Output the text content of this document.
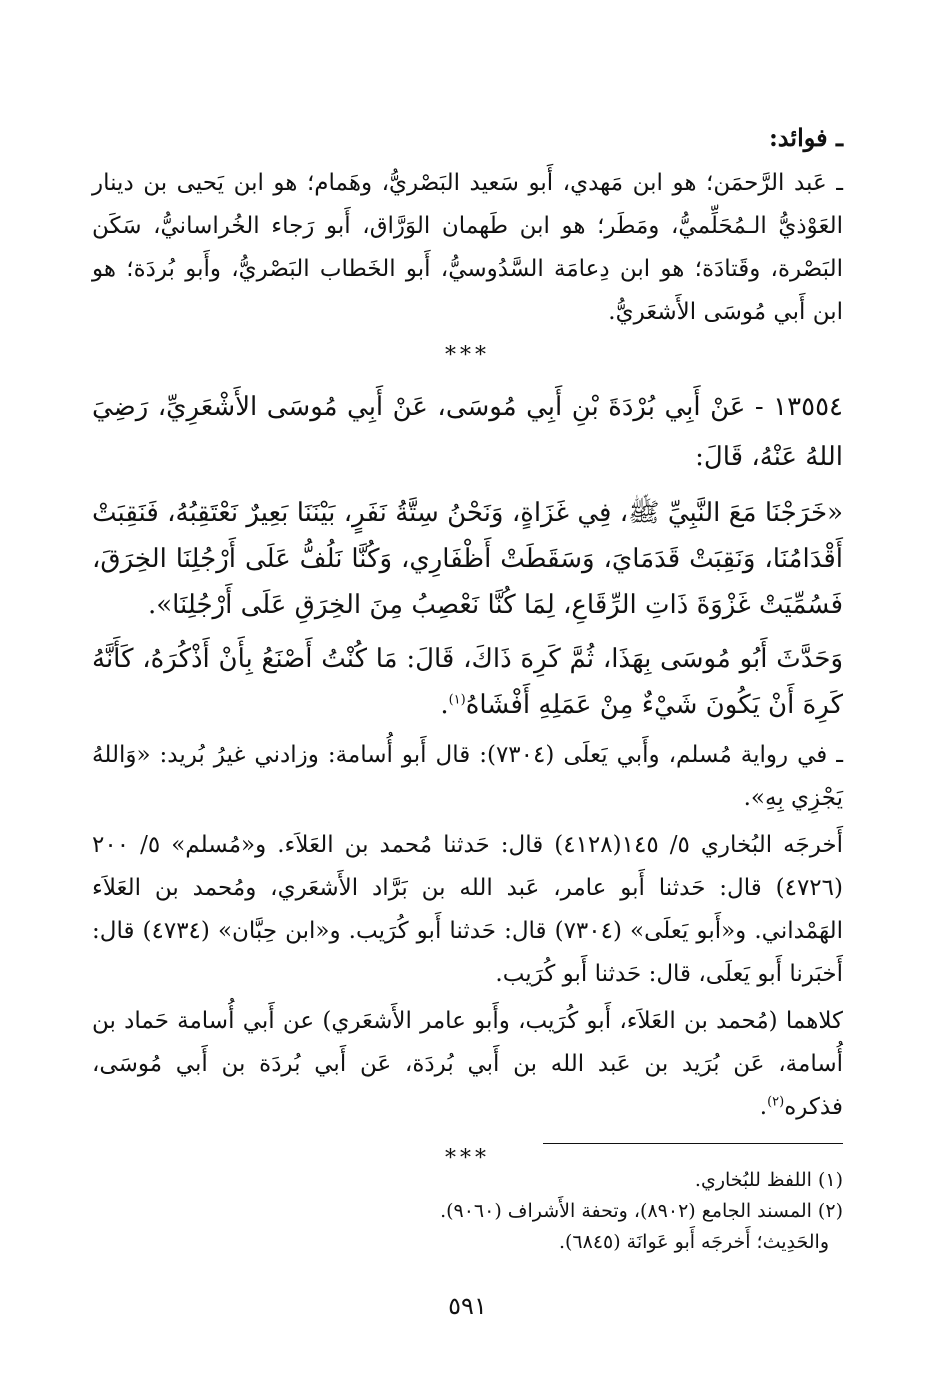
ـ فوائد:

ـ عَبد الرَّحمَن؛ هو ابن مَهدي، أَبو سَعيد البَصْريُّ، وهَمام؛ هو ابن يَحيى بن دينار العَوْذيُّ الـمُحَلِّميُّ، ومَطَر؛ هو ابن طَهمان الوَرَّاق، أَبو رَجاء الخُراسانيُّ، سَكَن البَصْرة، وقَتادَة؛ هو ابن دِعامَة السَّدُوسيُّ، أَبو الخَطاب البَصْريُّ، وأَبو بُردَة؛ هو ابن أَبي مُوسَى الأَشعَريُّ.

***

١٣٥٥٤ - عَنْ أَبِي بُرْدَةَ بْنِ أَبِي مُوسَى، عَنْ أَبِي مُوسَى الأَشْعَرِيِّ، رَضِيَ اللهُ عَنْهُ، قَالَ:

«خَرَجْنَا مَعَ النَّبِيِّ ﷺ، فِي غَزَاةٍ، وَنَحْنُ سِتَّةُ نَفَرٍ، بَيْنَنَا بَعِيرٌ نَعْتَقِبُهُ، فَنَقِبَتْ أَقْدَامُنَا، وَنَقِبَتْ قَدَمَايَ، وَسَقَطَتْ أَظْفَارِي، وَكُنَّا نَلُفُّ عَلَى أَرْجُلِنَا الخِرَقَ، فَسُمِّيَتْ غَزْوَةَ ذَاتِ الرِّقَاعِ، لِمَا كُنَّا نَعْصِبُ مِنَ الخِرَقِ عَلَى أَرْجُلِنَا».

وَحَدَّثَ أَبُو مُوسَى بِهَذَا، ثُمَّ كَرِهَ ذَاكَ، قَالَ: مَا كُنْتُ أَصْنَعُ بِأَنْ أَذْكُرَهُ، كَأَنَّهُ كَرِهَ أَنْ يَكُونَ شَيْءٌ مِنْ عَمَلِهِ أَفْشَاهُ$^{(١)}$.

ـ في رواية مُسلم، وأَبي يَعلَى (٧٣٠٤): قال أَبو أُسامة: وزادني غيرُ بُريد: «وَاللهُ يَجْزِي بِهِ».

أَخرجَه البُخاري ٥/ ١٤٥(٤١٢٨) قال: حَدثنا مُحمد بن العَلاَء. و«مُسلم» ٥/ ٢٠٠ (٤٧٢٦) قال: حَدثنا أَبو عامر، عَبد الله بن بَرَّاد الأَشعَري، ومُحمد بن العَلاَء الهَمْداني. و«أَبو يَعلَى» (٧٣٠٤) قال: حَدثنا أَبو كُرَيب. و«ابن حِبَّان» (٤٧٣٤) قال: أَخبَرنا أَبو يَعلَى، قال: حَدثنا أَبو كُرَيب.

كلاهما (مُحمد بن العَلاَء، أَبو كُرَيب، وأَبو عامر الأَشعَري) عن أَبي أُسامة حَماد بن أُسامة، عَن بُرَيد بن عَبد الله بن أَبي بُردَة، عَن أَبي بُردَة بن أَبي مُوسَى، فذكره$^{(٢)}$.

***
(١) اللفظ للبُخاري.
(٢) المسند الجامع (٨٩٠٢)، وتحفة الأَشراف (٩٠٦٠).
والحَدِيث؛ أَخرجَه أَبو عَوانَة (٦٨٤٥).
٥٩١
